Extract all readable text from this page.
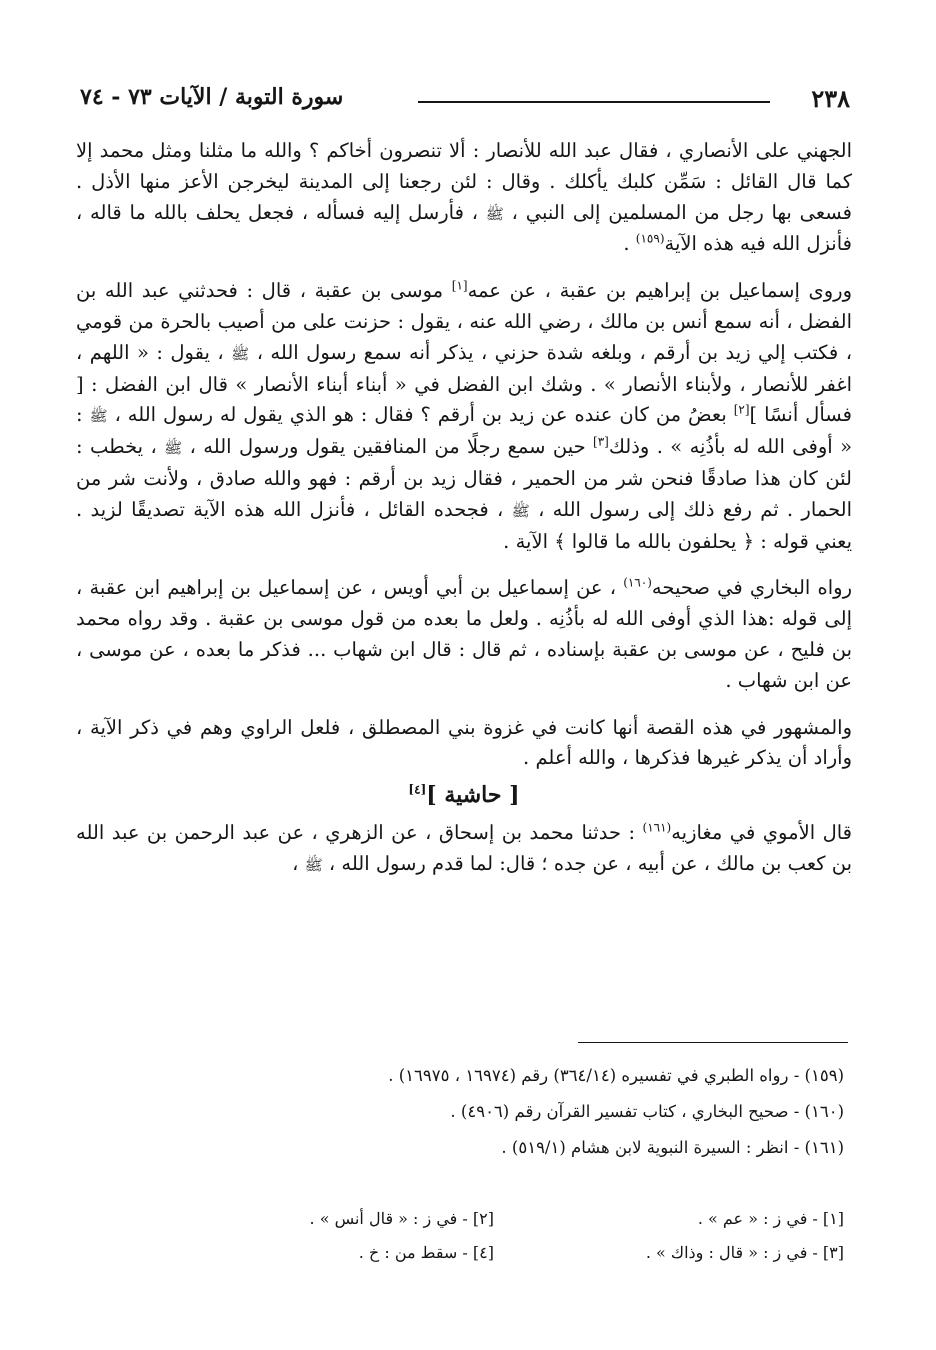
٢٣٨
سورة التوبة / الآيات ٧٣ - ٧٤

الجهني على الأنصاري ، فقال عبد الله للأنصار : ألا تنصرون أخاكم ؟ والله ما مثلنا ومثل محمد إلا كما قال القائل : سَمِّن كلبك يأكلك . وقال : لئن رجعنا إلى المدينة ليخرجن الأعز منها الأذل . فسعى بها رجل من المسلمين إلى النبي ، ﷺ ، فأرسل إليه فسأله ، فجعل يحلف بالله ما قاله ، فأنزل الله فيه هذه الآية$^{(١٥٩)}$ .

وروى إسماعيل بن إبراهيم بن عقبة ، عن عمه[١] موسى بن عقبة ، قال : فحدثني عبد الله بن الفضل ، أنه سمع أنس بن مالك ، رضي الله عنه ، يقول : حزنت على من أصيب بالحرة من قومي ، فكتب إلي زيد بن أرقم ، وبلغه شدة حزني ، يذكر أنه سمع رسول الله ، ﷺ ، يقول : « اللهم ، اغفر للأنصار ، ولأبناء الأنصار » . وشك ابن الفضل في « أبناء أبناء الأنصار » قال ابن الفضل : [ فسأل أنسًا ][٢] بعضُ من كان عنده عن زيد بن أرقم ؟ فقال : هو الذي يقول له رسول الله ، ﷺ : « أوفى الله له بأذُنِه » . وذلك[٣] حين سمع رجلًا من المنافقين يقول ورسول الله ، ﷺ ، يخطب : لئن كان هذا صادقًا فنحن شر من الحمير ، فقال زيد بن أرقم : فهو والله صادق ، ولأنت شر من الحمار . ثم رفع ذلك إلى رسول الله ، ﷺ ، فجحده القائل ، فأنزل الله هذه الآية تصديقًا لزيد . يعني قوله : ﴿ يحلفون بالله ما قالوا ﴾ الآية .

رواه البخاري في صحيحه$^{(١٦٠)}$ ، عن إسماعيل بن أبي أويس ، عن إسماعيل بن إبراهيم ابن عقبة ، إلى قوله :هذا الذي أوفى الله له بأذُنِه . ولعل ما بعده من قول موسى بن عقبة . وقد رواه محمد بن فليح ، عن موسى بن عقبة بإسناده ، ثم قال : قال ابن شهاب ... فذكر ما بعده ، عن موسى ، عن ابن شهاب .

والمشهور في هذه القصة أنها كانت في غزوة بني المصطلق ، فلعل الراوي وهم في ذكر الآية ، وأراد أن يذكر غيرها فذكرها ، والله أعلم .

[ حاشية ][٤]

قال الأموي في مغازيه$^{(١٦١)}$ : حدثنا محمد بن إسحاق ، عن الزهري ، عن عبد الرحمن بن عبد الله بن كعب بن مالك ، عن أبيه ، عن جده ؛ قال: لما قدم رسول الله ، ﷺ ،

(١٥٩) - رواه الطبري في تفسيره (٣٦٤/١٤) رقم (١٦٩٧٤ ، ١٦٩٧٥) .

(١٦٠) - صحيح البخاري ، كتاب تفسير القرآن رقم (٤٩٠٦) .

(١٦١) - انظر : السيرة النبوية لابن هشام (٥١٩/١) .

[١] - في ز : « عم » .

[٢] - في ز : « قال أنس » .

[٣] - في ز : « قال : وذاك » .

[٤] - سقط من : خ .
